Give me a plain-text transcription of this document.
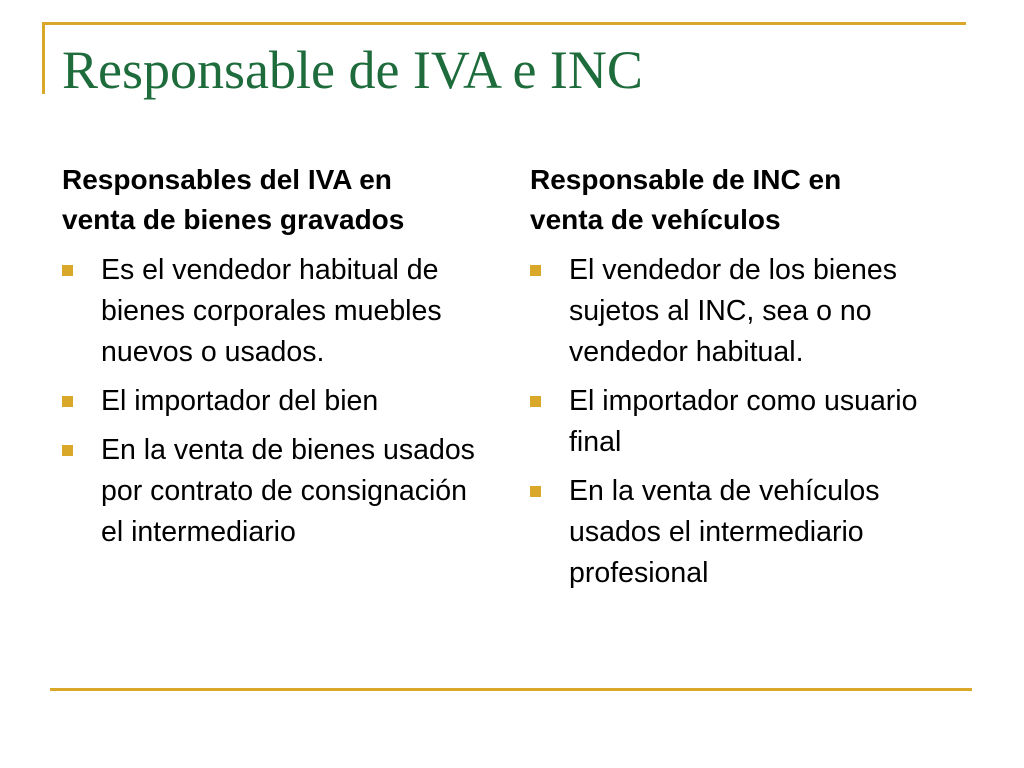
Responsable de IVA e INC
Responsables del IVA en
venta de bienes gravados
Es el vendedor habitual de bienes corporales muebles nuevos o usados.
El importador del bien
En la venta de bienes usados por contrato de consignación el intermediario
Responsable de INC en
venta de vehículos
El vendedor de los bienes sujetos al INC, sea o no vendedor habitual.
El importador como usuario final
En la venta de vehículos usados el intermediario profesional
